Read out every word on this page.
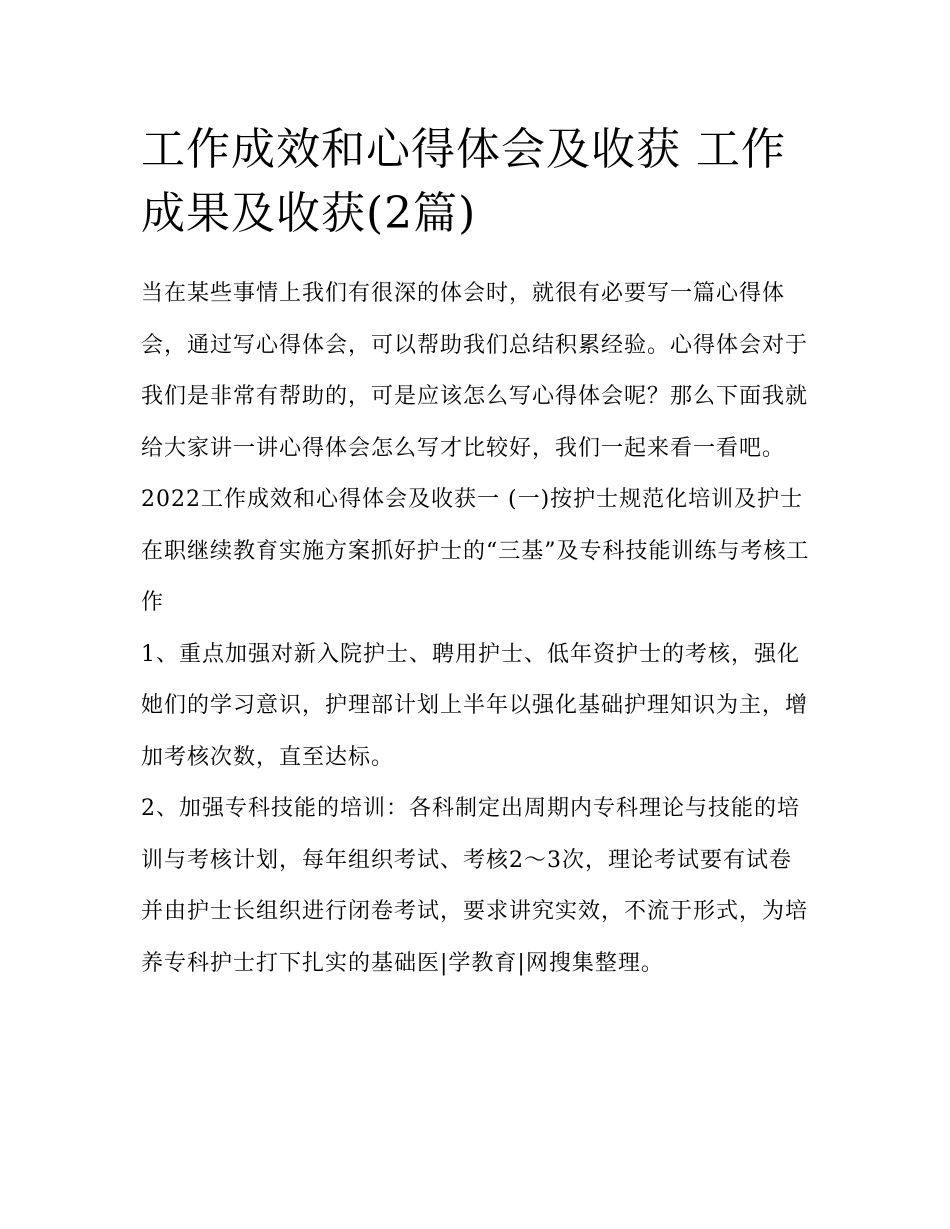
工作成效和心得体会及收获 工作成果及收获(2篇)

当在某些事情上我们有很深的体会时，就很有必要写一篇心得体会，通过写心得体会，可以帮助我们总结积累经验。心得体会对于我们是非常有帮助的，可是应该怎么写心得体会呢？那么下面我就给大家讲一讲心得体会怎么写才比较好，我们一起来看一看吧。

2022工作成效和心得体会及收获一 (一)按护士规范化培训及护士在职继续教育实施方案抓好护士的“三基”及专科技能训练与考核工作

1、重点加强对新入院护士、聘用护士、低年资护士的考核，强化她们的学习意识，护理部计划上半年以强化基础护理知识为主，增加考核次数，直至达标。

2、加强专科技能的培训：各科制定出周期内专科理论与技能的培训与考核计划，每年组织考试、考核2～3次，理论考试要有试卷并由护士长组织进行闭卷考试，要求讲究实效，不流于形式，为培养专科护士打下扎实的基础医|学教育|网搜集整理。
